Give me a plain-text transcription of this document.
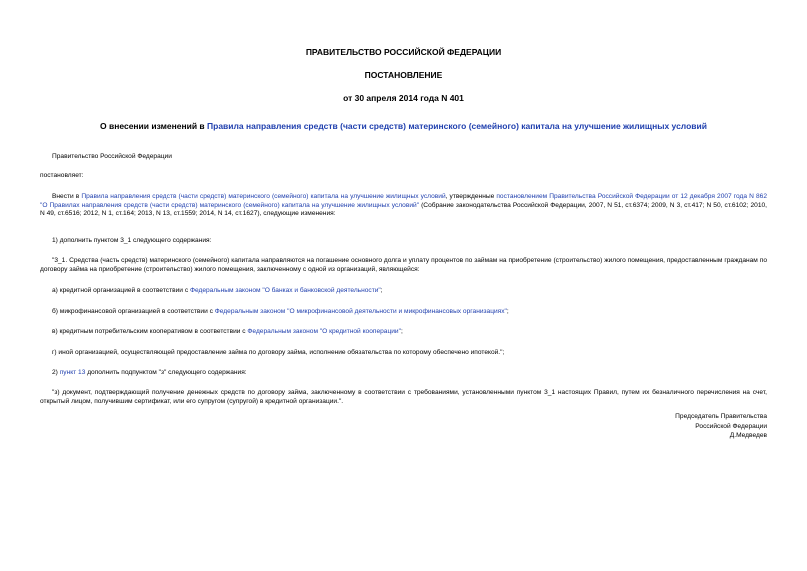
ПРАВИТЕЛЬСТВО РОССИЙСКОЙ ФЕДЕРАЦИИ
ПОСТАНОВЛЕНИЕ
от 30 апреля 2014 года N 401
О внесении изменений в Правила направления средств (части средств) материнского (семейного) капитала на улучшение жилищных условий
Правительство Российской Федерации
постановляет:
Внести в Правила направления средств (части средств) материнского (семейного) капитала на улучшение жилищных условий, утвержденные постановлением Правительства Российской Федерации от 12 декабря 2007 года N 862 "О Правилах направления средств (части средств) материнского (семейного) капитала на улучшение жилищных условий" (Собрание законодательства Российской Федерации, 2007, N 51, ст.6374; 2009, N 3, ст.417; N 50, ст.6102; 2010, N 49, ст.6516; 2012, N 1, ст.164; 2013, N 13, ст.1559; 2014, N 14, ст.1627), следующие изменения:
1) дополнить пунктом 3_1 следующего содержания:
"3_1. Средства (часть средств) материнского (семейного) капитала направляются на погашение основного долга и уплату процентов по займам на приобретение (строительство) жилого помещения, предоставленным гражданам по договору займа на приобретение (строительство) жилого помещения, заключенному с одной из организаций, являющейся:
а) кредитной организацией в соответствии с Федеральным законом "О банках и банковской деятельности";
б) микрофинансовой организацией в соответствии с Федеральным законом "О микрофинансовой деятельности и микрофинансовых организациях";
в) кредитным потребительским кооперативом в соответствии с Федеральным законом "О кредитной кооперации";
г) иной организацией, осуществляющей предоставление займа по договору займа, исполнение обязательства по которому обеспечено ипотекой.";
2) пункт 13 дополнить подпунктом "з" следующего содержания:
"з) документ, подтверждающий получение денежных средств по договору займа, заключенному в соответствии с требованиями, установленными пунктом 3_1 настоящих Правил, путем их безналичного перечисления на счет, открытый лицом, получившим сертификат, или его супругом (супругой) в кредитной организации.".
Председатель Правительства
Российской Федерации
Д.Медведев
